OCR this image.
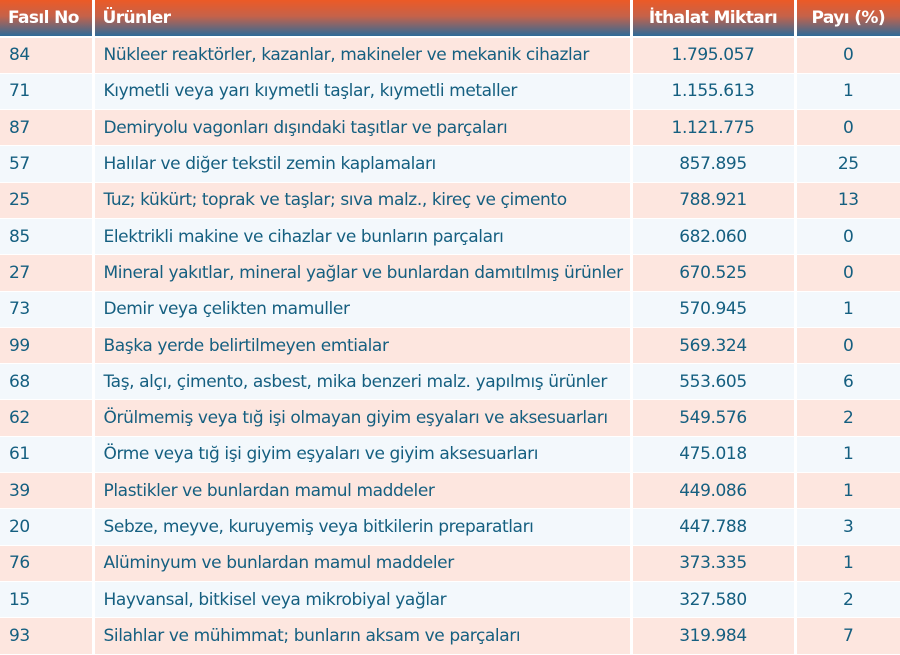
Fasıl No	Ürünler	İthalat Miktarı	Payı (%)
84	Nükleer reaktörler, kazanlar, makineler ve mekanik cihazlar	1.795.057	0
71	Kıymetli veya yarı kıymetli taşlar, kıymetli metaller	1.155.613	1
87	Demiryolu vagonları dışındaki taşıtlar ve parçaları	1.121.775	0
57	Halılar ve diğer tekstil zemin kaplamaları	857.895	25
25	Tuz; kükürt; toprak ve taşlar; sıva malz., kireç ve çimento	788.921	13
85	Elektrikli makine ve cihazlar ve bunların parçaları	682.060	0
27	Mineral yakıtlar, mineral yağlar ve bunlardan damıtılmış ürünler	670.525	0
73	Demir veya çelikten mamuller	570.945	1
99	Başka yerde belirtilmeyen emtialar	569.324	0
68	Taş, alçı, çimento, asbest, mika benzeri malz. yapılmış ürünler	553.605	6
62	Örülmemiş veya tığ işi olmayan giyim eşyaları ve aksesuarları	549.576	2
61	Örme veya tığ işi giyim eşyaları ve giyim aksesuarları	475.018	1
39	Plastikler ve bunlardan mamul maddeler	449.086	1
20	Sebze, meyve, kuruyemiş veya bitkilerin preparatları	447.788	3
76	Alüminyum ve bunlardan mamul maddeler	373.335	1
15	Hayvansal, bitkisel veya mikrobiyal yağlar	327.580	2
93	Silahlar ve mühimmat; bunların aksam ve parçaları	319.984	7
